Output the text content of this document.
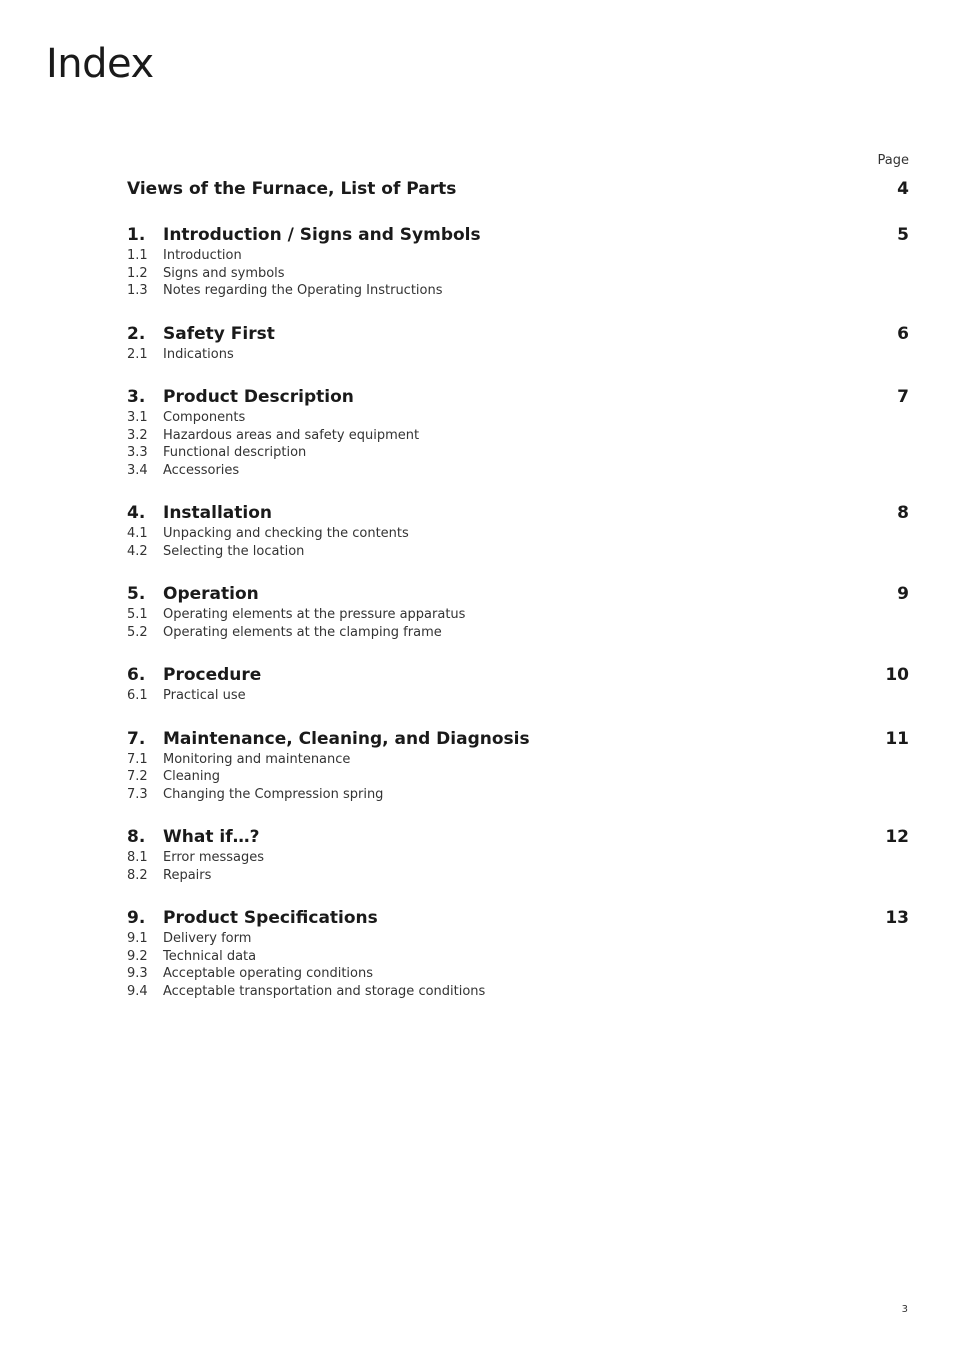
Index
Page
Views of the Furnace, List of Parts	4
1.	Introduction / Signs and Symbols	5
1.1	Introduction
1.2	Signs and symbols
1.3	Notes regarding the Operating Instructions
2.	Safety First	6
2.1	Indications
3.	Product Description	7
3.1	Components
3.2	Hazardous areas and safety equipment
3.3	Functional description
3.4	Accessories
4.	Installation	8
4.1	Unpacking and checking the contents
4.2	Selecting the location
5.	Operation	9
5.1	Operating elements at the pressure apparatus
5.2	Operating elements at the clamping frame
6.	Procedure	10
6.1	Practical use
7.	Maintenance, Cleaning, and Diagnosis	11
7.1	Monitoring and maintenance
7.2	Cleaning
7.3	Changing the Compression spring
8.	What if…?	12
8.1	Error messages
8.2	Repairs
9.	Product Specifications	13
9.1	Delivery form
9.2	Technical data
9.3	Acceptable operating conditions
9.4	Acceptable transportation and storage conditions
3
